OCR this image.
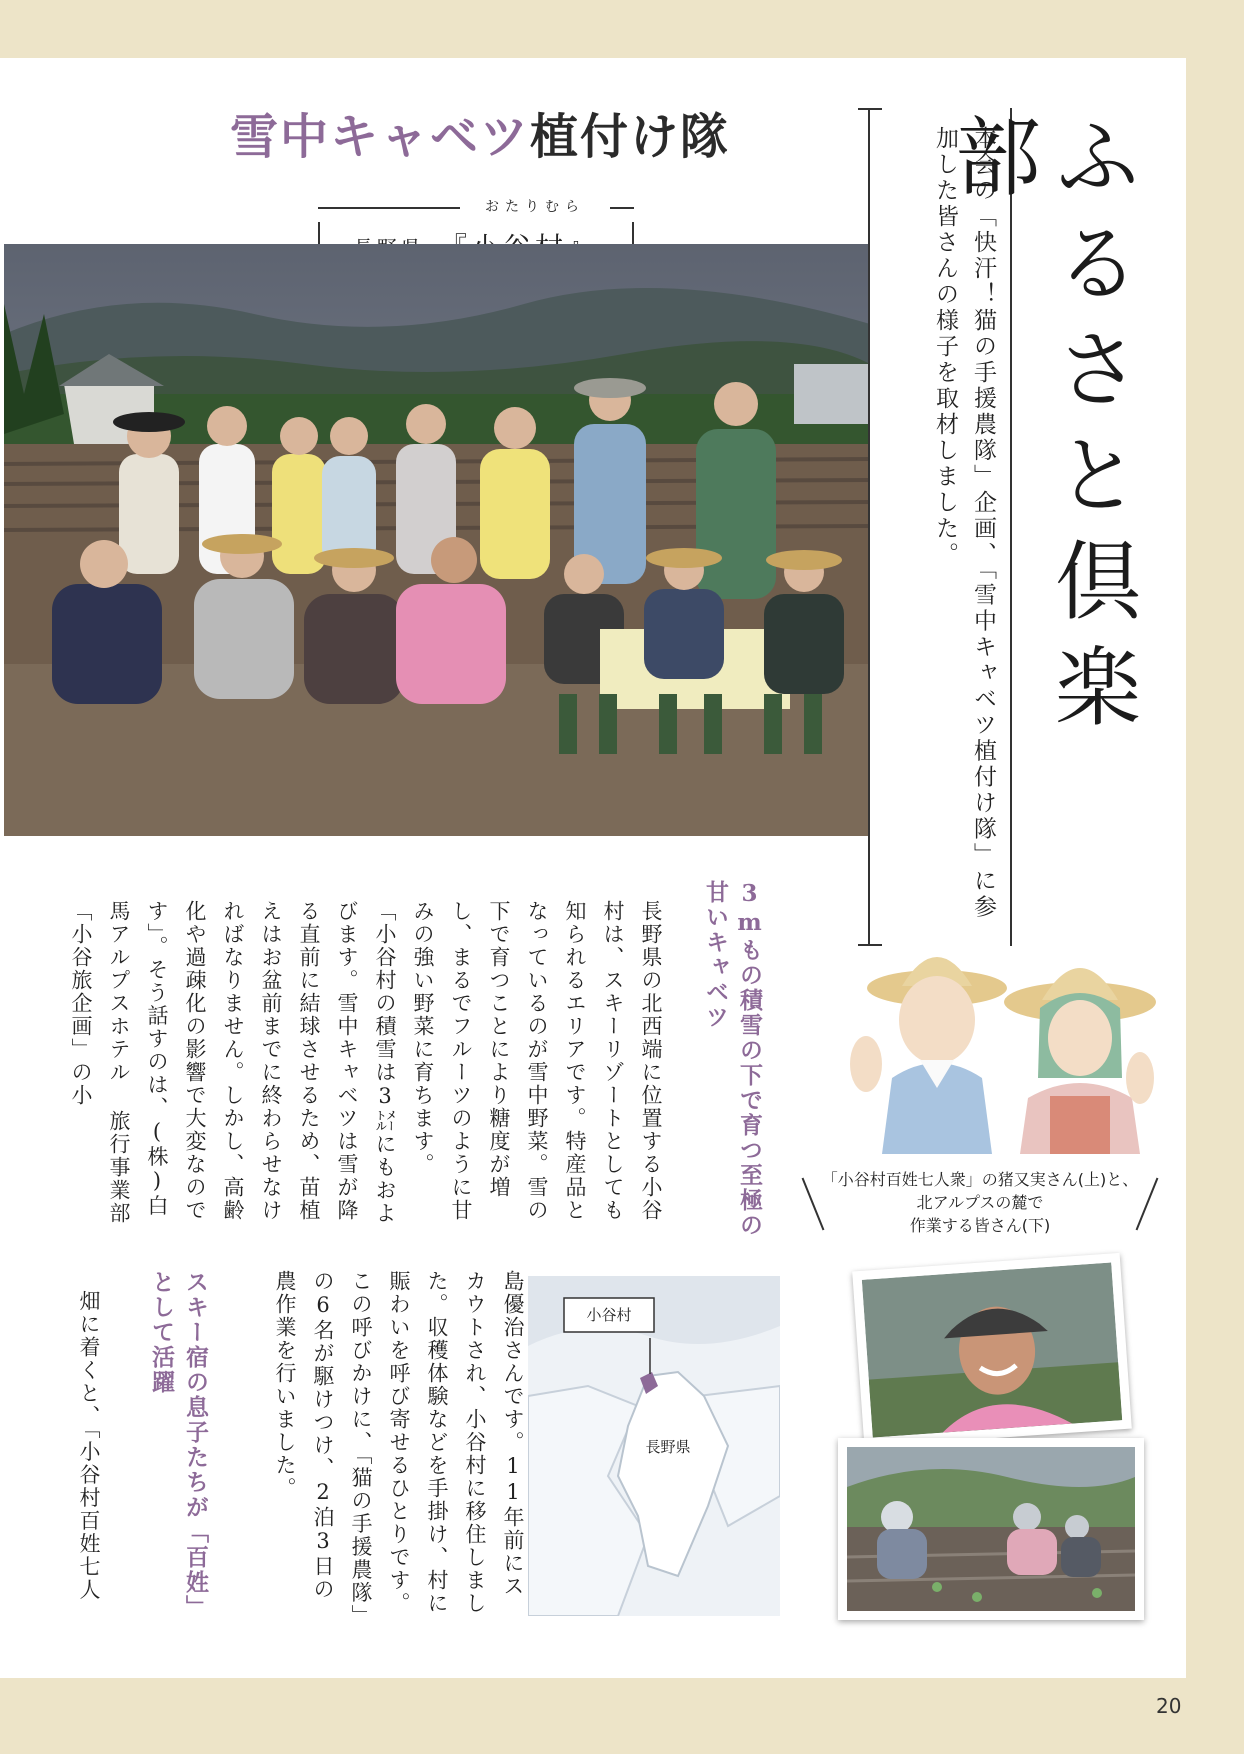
雪中キャベツ植付け隊
おたりむら	本会の「快汗！猫の手援農隊」企画、「雪中キャベツ植付け隊」に参加した皆さんの様子を取材しました。 ふるさと倶楽部
「小谷村百姓七人衆」の猪又実さん(上)と、
北アルプスの麓で
作業する皆さん(下)
3mもの積雪の下で育つ至極の甘いキャベツ

長野県の北西端に位置する小谷村は、スキーリゾートとしても知られるエリアです。特産品となっているのが雪中野菜。雪の下で育つことにより糖度が増し、まるでフルーツのように甘みの強い野菜に育ちます。
「小谷村の積雪は3㍍にもおよびます。雪中キャベツは雪が降る直前に結球させるため、苗植えはお盆前までに終わらせなければなりません。しかし、高齢化や過疎化の影響で大変なのです」。そう話すのは、(株)白馬アルプスホテル 旅行事業部「小谷旅企画」の小

島優治さんです。11年前にスカウトされ、小谷村に移住しました。収穫体験などを手掛け、村に賑わいを呼び寄せるひとりです。この呼びかけに、「猫の手援農隊」の6名が駆けつけ、2泊3日の農作業を行いました。

スキー宿の息子たちが「百姓」として活躍

畑に着くと、「小谷村百姓七人	小谷村
長野県
20
